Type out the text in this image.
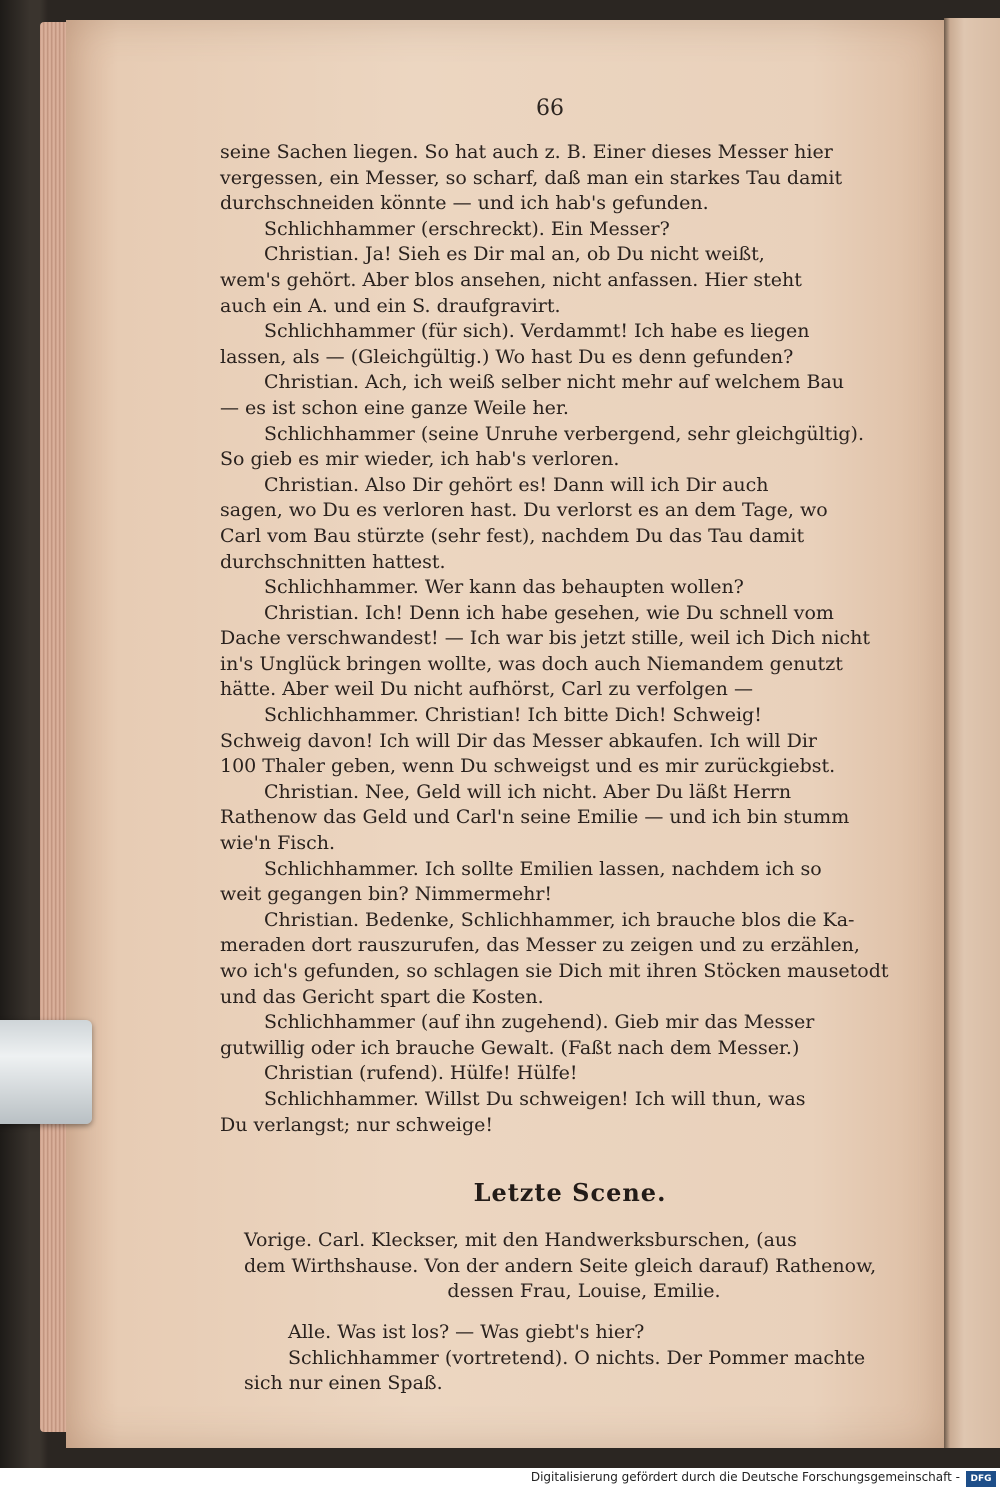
66
seine Sachen liegen. So hat auch z. B. Einer dieses Messer hier
vergessen, ein Messer, so scharf, daß man ein starkes Tau damit
durchschneiden könnte — und ich hab's gefunden.
Schlichhammer (erschreckt). Ein Messer?
Christian. Ja! Sieh es Dir mal an, ob Du nicht weißt,
wem's gehört. Aber blos ansehen, nicht anfassen. Hier steht
auch ein A. und ein S. draufgravirt.
Schlichhammer (für sich). Verdammt! Ich habe es liegen
lassen, als — (Gleichgültig.) Wo hast Du es denn gefunden?
Christian. Ach, ich weiß selber nicht mehr auf welchem Bau
— es ist schon eine ganze Weile her.
Schlichhammer (seine Unruhe verbergend, sehr gleichgültig).
So gieb es mir wieder, ich hab's verloren.
Christian. Also Dir gehört es! Dann will ich Dir auch
sagen, wo Du es verloren hast. Du verlorst es an dem Tage, wo
Carl vom Bau stürzte (sehr fest), nachdem Du das Tau damit
durchschnitten hattest.
Schlichhammer. Wer kann das behaupten wollen?
Christian. Ich! Denn ich habe gesehen, wie Du schnell vom
Dache verschwandest! — Ich war bis jetzt stille, weil ich Dich nicht
in's Unglück bringen wollte, was doch auch Niemandem genutzt
hätte. Aber weil Du nicht aufhörst, Carl zu verfolgen —
Schlichhammer. Christian! Ich bitte Dich! Schweig!
Schweig davon! Ich will Dir das Messer abkaufen. Ich will Dir
100 Thaler geben, wenn Du schweigst und es mir zurückgiebst.
Christian. Nee, Geld will ich nicht. Aber Du läßt Herrn
Rathenow das Geld und Carl'n seine Emilie — und ich bin stumm
wie'n Fisch.
Schlichhammer. Ich sollte Emilien lassen, nachdem ich so
weit gegangen bin? Nimmermehr!
Christian. Bedenke, Schlichhammer, ich brauche blos die Ka-
meraden dort rauszurufen, das Messer zu zeigen und zu erzählen,
wo ich's gefunden, so schlagen sie Dich mit ihren Stöcken mausetodt
und das Gericht spart die Kosten.
Schlichhammer (auf ihn zugehend). Gieb mir das Messer
gutwillig oder ich brauche Gewalt. (Faßt nach dem Messer.)
Christian (rufend). Hülfe! Hülfe!
Schlichhammer. Willst Du schweigen! Ich will thun, was
Du verlangst; nur schweige!
Letzte Scene.
Vorige. Carl. Kleckser, mit den Handwerksburschen, (aus
dem Wirthshause. Von der andern Seite gleich darauf) Rathenow,
dessen Frau, Louise, Emilie.
Alle. Was ist los? — Was giebt's hier?
Schlichhammer (vortretend). O nichts. Der Pommer machte
sich nur einen Spaß.
Digitalisierung gefördert durch die Deutsche Forschungsgemeinschaft -	DFG
